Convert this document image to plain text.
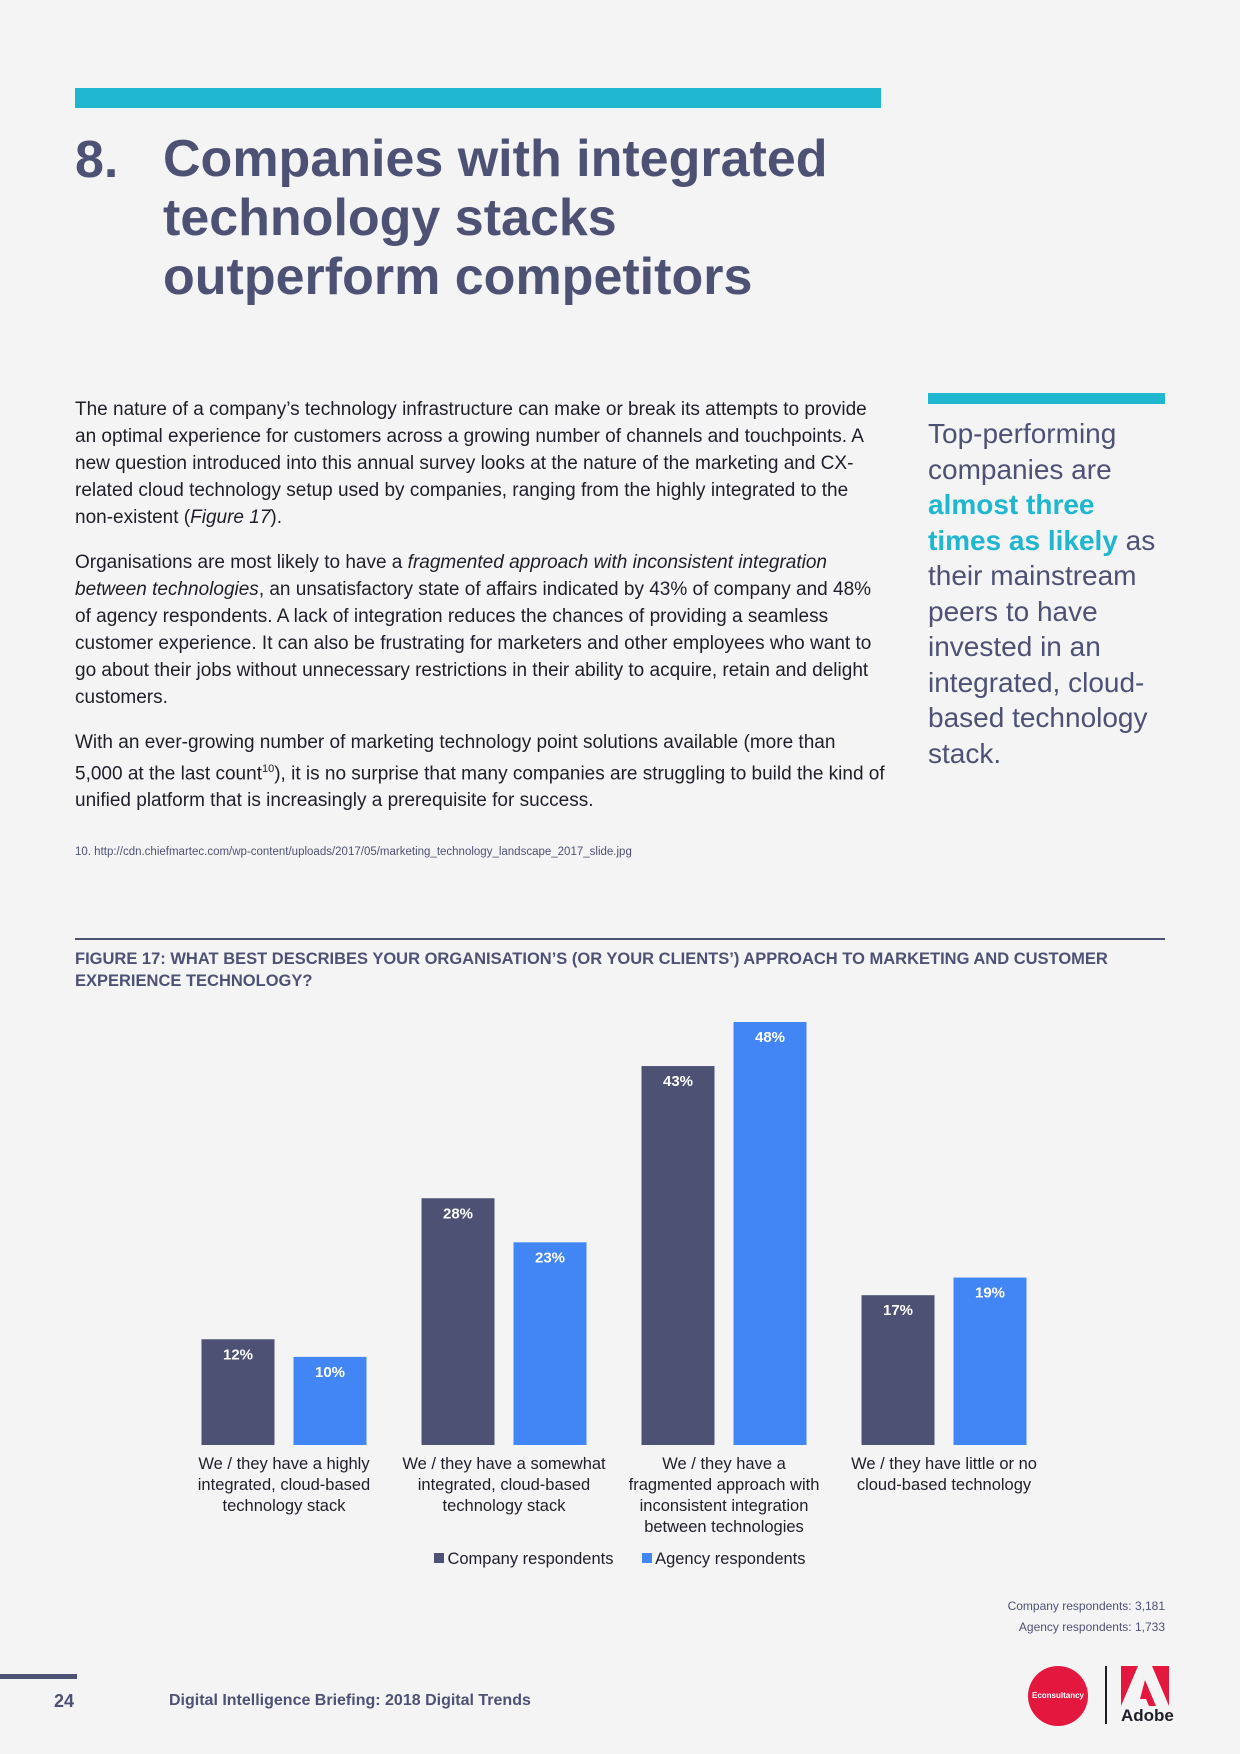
8. Companies with integrated technology stacks outperform competitors

The nature of a company’s technology infrastructure can make or break its attempts to provide an optimal experience for customers across a growing number of channels and touchpoints. A new question introduced into this annual survey looks at the nature of the marketing and CX-related cloud technology setup used by companies, ranging from the highly integrated to the non-existent (Figure 17).

Organisations are most likely to have a fragmented approach with inconsistent integration between technologies, an unsatisfactory state of affairs indicated by 43% of company and 48% of agency respondents. A lack of integration reduces the chances of providing a seamless customer experience. It can also be frustrating for marketers and other employees who want to go about their jobs without unnecessary restrictions in their ability to acquire, retain and delight customers.

With an ever-growing number of marketing technology point solutions available (more than 5,000 at the last count$^{10}$), it is no surprise that many companies are struggling to build the kind of unified platform that is increasingly a prerequisite for success.

10. http://cdn.chiefmartec.com/wp-content/uploads/2017/05/marketing_technology_landscape_2017_slide.jpg
Top-performing companies are almost three times as likely as their mainstream peers to have invested in an integrated, cloud-based technology stack.
FIGURE 17: WHAT BEST DESCRIBES YOUR ORGANISATION’S (OR YOUR CLIENTS’) APPROACH TO MARKETING AND CUSTOMER EXPERIENCE TECHNOLOGY?
12%
28%
43%
17%
10%
23%
48%
19%
We / they have a highly integrated, cloud-based technology stack
We / they have a somewhat integrated, cloud-based technology stack
We / they have a fragmented approach with inconsistent integration between technologies
We / they have little or no cloud-based technology
Company respondents	Agency respondents
Company respondents: 3,181
Agency respondents: 1,733
24	Digital Intelligence Briefing: 2018 Digital Trends	Econsultancy
Adobe
